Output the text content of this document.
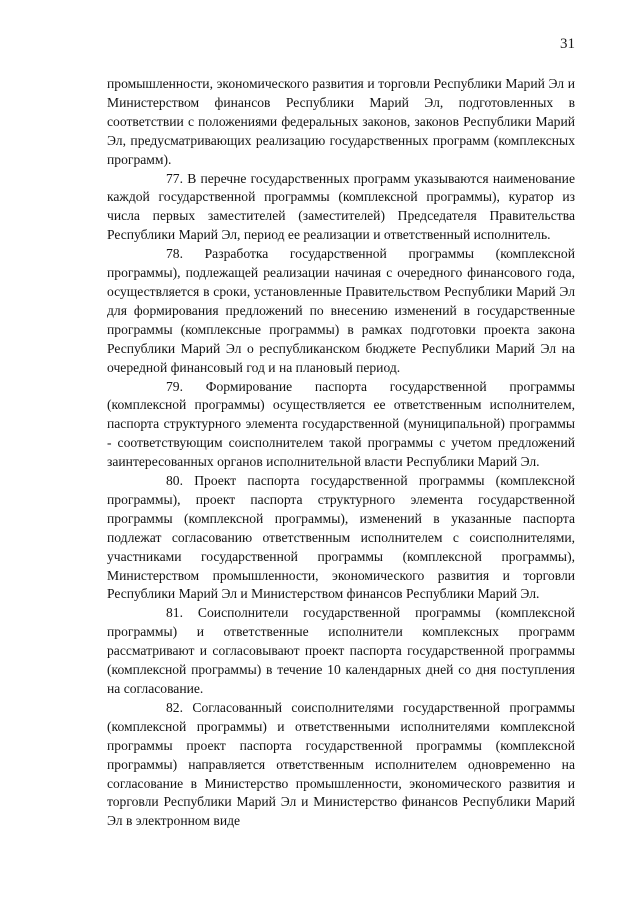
31

промышленности, экономического развития и торговли Республики Марий Эл и Министерством финансов Республики Марий Эл, подготовленных в соответствии с положениями федеральных законов, законов Республики Марий Эл, предусматривающих реализацию государственных программ (комплексных программ).

77. В перечне государственных программ указываются наименование каждой государственной программы (комплексной программы), куратор из числа первых заместителей (заместителей) Председателя Правительства Республики Марий Эл, период ее реализации и ответственный исполнитель.

78. Разработка государственной программы (комплексной программы), подлежащей реализации начиная с очередного финансового года, осуществляется в сроки, установленные Правительством Республики Марий Эл для формирования предложений по внесению изменений в государственные программы (комплексные программы) в рамках подготовки проекта закона Республики Марий Эл о республиканском бюджете Республики Марий Эл на очередной финансовый год и на плановый период.

79. Формирование паспорта государственной программы (комплексной программы) осуществляется ее ответственным исполнителем, паспорта структурного элемента государственной (муниципальной) программы - соответствующим соисполнителем такой программы с учетом предложений заинтересованных органов исполнительной власти Республики Марий Эл.

80. Проект паспорта государственной программы (комплексной программы), проект паспорта структурного элемента государственной программы (комплексной программы), изменений в указанные паспорта подлежат согласованию ответственным исполнителем с соисполнителями, участниками государственной программы (комплексной программы), Министерством промышленности, экономического развития и торговли Республики Марий Эл и Министерством финансов Республики Марий Эл.

81. Соисполнители государственной программы (комплексной программы) и ответственные исполнители комплексных программ рассматривают и согласовывают проект паспорта государственной программы (комплексной программы) в течение 10 календарных дней со дня поступления на согласование.

82. Согласованный соисполнителями государственной программы (комплексной программы) и ответственными исполнителями комплексной программы проект паспорта государственной программы (комплексной программы) направляется ответственным исполнителем одновременно на согласование в Министерство промышленности, экономического развития и торговли Республики Марий Эл и Министерство финансов Республики Марий Эл в электронном виде
